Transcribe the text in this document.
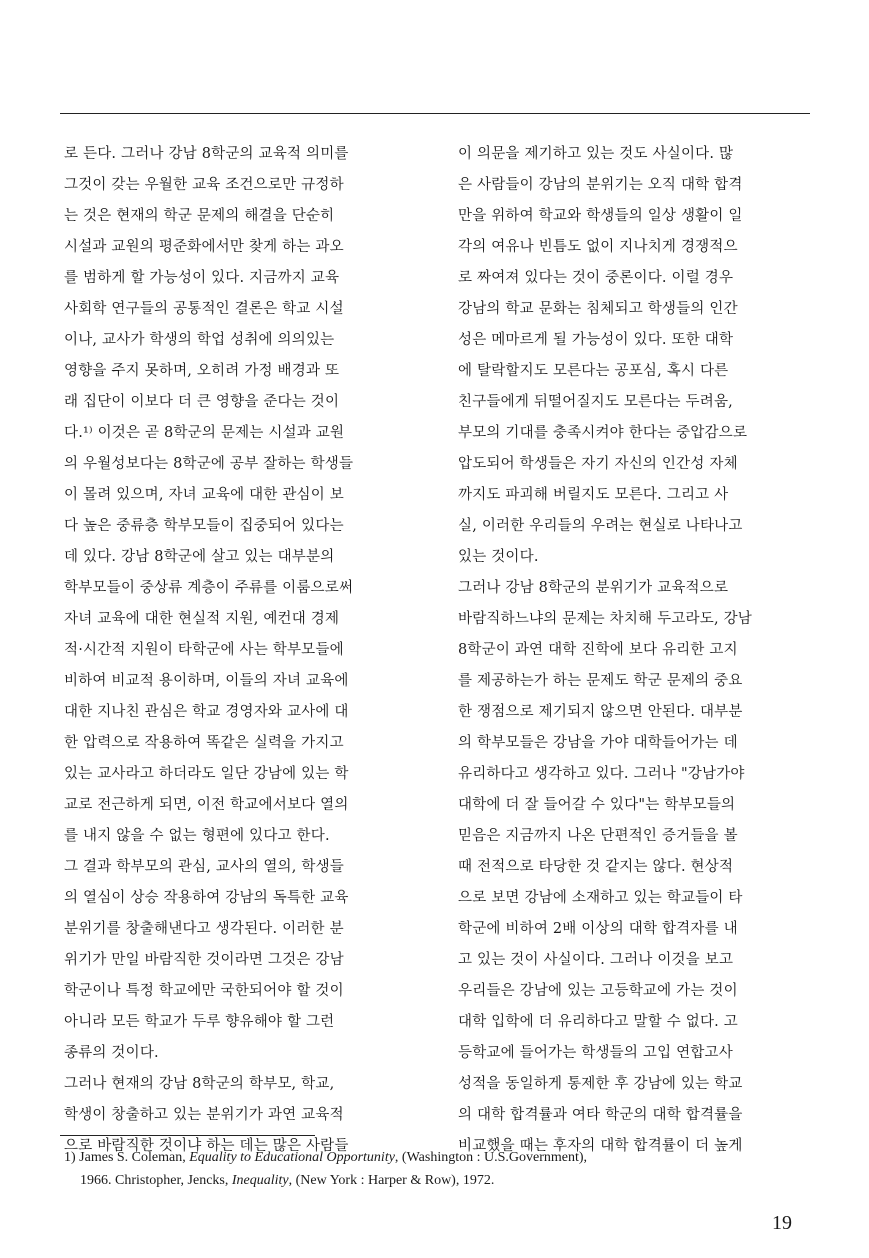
로 든다. 그러나 강남 8학군의 교육적 의미를
그것이 갖는 우월한 교육 조건으로만 규정하
는 것은 현재의 학군 문제의 해결을 단순히
시설과 교원의 평준화에서만 찾게 하는 과오
를 범하게 할 가능성이 있다. 지금까지 교육
사회학 연구들의 공통적인 결론은 학교 시설
이나, 교사가 학생의 학업 성취에 의의있는
영향을 주지 못하며, 오히려 가정 배경과 또
래 집단이 이보다 더 큰 영향을 준다는 것이
다.¹⁾ 이것은 곧 8학군의 문제는 시설과 교원
의 우월성보다는 8학군에 공부 잘하는 학생들
이 몰려 있으며, 자녀 교육에 대한 관심이 보
다 높은 중류층 학부모들이 집중되어 있다는
데 있다. 강남 8학군에 살고 있는 대부분의
학부모들이 중상류 계층이 주류를 이룸으로써
자녀 교육에 대한 현실적 지원, 예컨대 경제
적·시간적 지원이 타학군에 사는 학부모들에
비하여 비교적 용이하며, 이들의 자녀 교육에
대한 지나친 관심은 학교 경영자와 교사에 대
한 압력으로 작용하여 똑같은 실력을 가지고
있는 교사라고 하더라도 일단 강남에 있는 학
교로 전근하게 되면, 이전 학교에서보다 열의
를 내지 않을 수 없는 형편에 있다고 한다.
그 결과 학부모의 관심, 교사의 열의, 학생들
의 열심이 상승 작용하여 강남의 독특한 교육
분위기를 창출해낸다고 생각된다. 이러한 분
위기가 만일 바람직한 것이라면 그것은 강남
학군이나 특정 학교에만 국한되어야 할 것이
아니라 모든 학교가 두루 향유해야 할 그런
종류의 것이다.
그러나 현재의 강남 8학군의 학부모, 학교,
학생이 창출하고 있는 분위기가 과연 교육적
으로 바람직한 것이냐 하는 데는 많은 사람들
이 의문을 제기하고 있는 것도 사실이다. 많
은 사람들이 강남의 분위기는 오직 대학 합격
만을 위하여 학교와 학생들의 일상 생활이 일
각의 여유나 빈틈도 없이 지나치게 경쟁적으
로 짜여져 있다는 것이 중론이다. 이럴 경우
강남의 학교 문화는 침체되고 학생들의 인간
성은 메마르게 될 가능성이 있다. 또한 대학
에 탈락할지도 모른다는 공포심, 혹시 다른
친구들에게 뒤떨어질지도 모른다는 두려움,
부모의 기대를 충족시켜야 한다는 중압감으로
압도되어 학생들은 자기 자신의 인간성 자체
까지도 파괴해 버릴지도 모른다. 그리고 사
실, 이러한 우리들의 우려는 현실로 나타나고
있는 것이다.
그러나 강남 8학군의 분위기가 교육적으로
바람직하느냐의 문제는 차치해 두고라도, 강남
8학군이 과연 대학 진학에 보다 유리한 고지
를 제공하는가 하는 문제도 학군 문제의 중요
한 쟁점으로 제기되지 않으면 안된다. 대부분
의 학부모들은 강남을 가야 대학들어가는 데
유리하다고 생각하고 있다. 그러나 "강남가야
대학에 더 잘 들어갈 수 있다"는 학부모들의
믿음은 지금까지 나온 단편적인 증거들을 볼
때 전적으로 타당한 것 같지는 않다. 현상적
으로 보면 강남에 소재하고 있는 학교들이 타
학군에 비하여 2배 이상의 대학 합격자를 내
고 있는 것이 사실이다. 그러나 이것을 보고
우리들은 강남에 있는 고등학교에 가는 것이
대학 입학에 더 유리하다고 말할 수 없다. 고
등학교에 들어가는 학생들의 고입 연합고사
성적을 동일하게 통제한 후 강남에 있는 학교
의 대학 합격률과 여타 학군의 대학 합격률을
비교했을 때는 후자의 대학 합격률이 더 높게
1) James S. Coleman, Equality to Educational Opportunity, (Washington : U.S.Government),
1966. Christopher, Jencks, Inequality, (New York : Harper & Row), 1972.
19
